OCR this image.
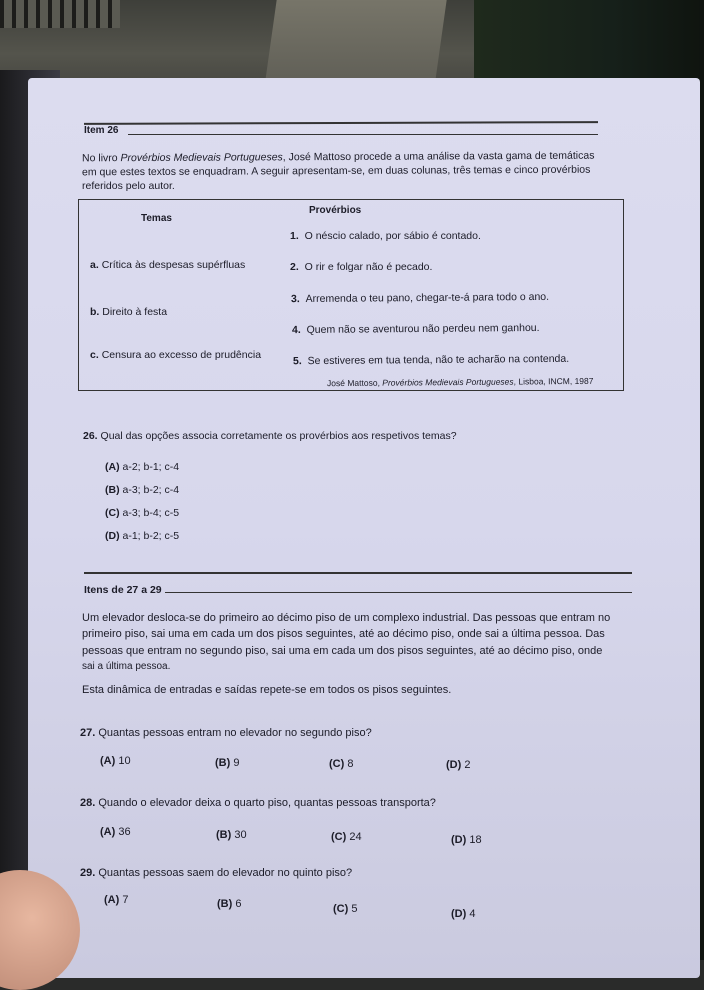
Item 26
No livro Provérbios Medievais Portugueses, José Mattoso procede a uma análise da vasta gama de temáticas
em que estes textos se enquadram. A seguir apresentam-se, em duas colunas, três temas e cinco provérbios
referidos pelo autor.
Temas
Provérbios
a. Crítica às despesas supérfluas
b. Direito à festa
c. Censura ao excesso de prudência
1. O néscio calado, por sábio é contado.
2. O rir e folgar não é pecado.
3. Arremenda o teu pano, chegar-te-á para todo o ano.
4. Quem não se aventurou não perdeu nem ganhou.
5. Se estiveres em tua tenda, não te acharão na contenda.
José Mattoso, Provérbios Medievais Portugueses, Lisboa, INCM, 1987
26. Qual das opções associa corretamente os provérbios aos respetivos temas?
(A) a-2; b-1; c-4
(B) a-3; b-2; c-4
(C) a-3; b-4; c-5
(D) a-1; b-2; c-5
Itens de 27 a 29
Um elevador desloca-se do primeiro ao décimo piso de um complexo industrial. Das pessoas que entram no
primeiro piso, sai uma em cada um dos pisos seguintes, até ao décimo piso, onde sai a última pessoa. Das
pessoas que entram no segundo piso, sai uma em cada um dos pisos seguintes, até ao décimo piso, onde
sai a última pessoa.
Esta dinâmica de entradas e saídas repete-se em todos os pisos seguintes.
27. Quantas pessoas entram no elevador no segundo piso?
(A) 10	(B) 9	(C) 8	(D) 2
28. Quando o elevador deixa o quarto piso, quantas pessoas transporta?
(A) 36	(B) 30	(C) 24	(D) 18
29. Quantas pessoas saem do elevador no quinto piso?
(A) 7	(B) 6	(C) 5	(D) 4
